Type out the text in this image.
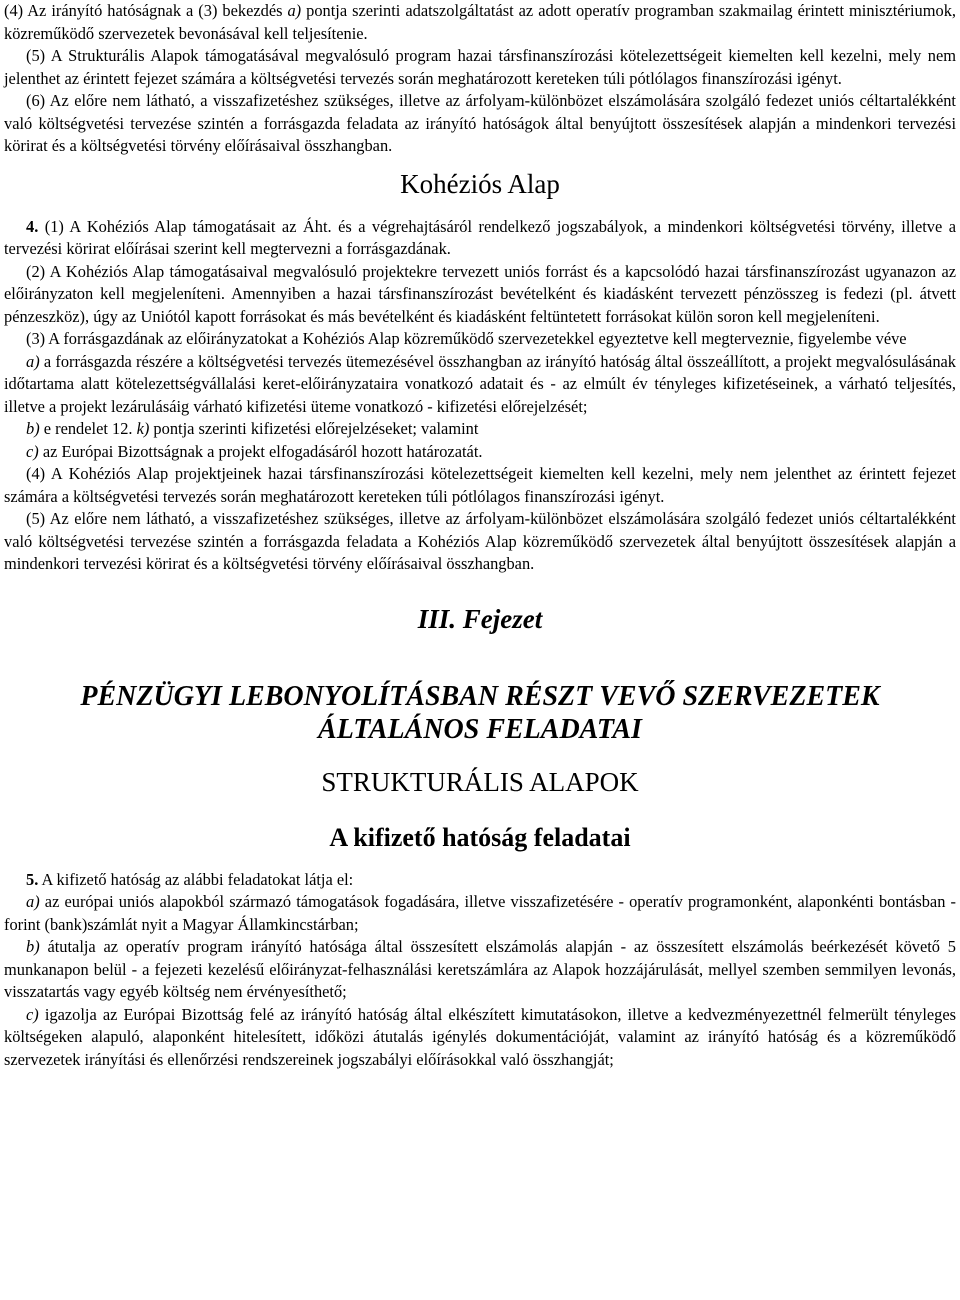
(4) Az irányító hatóságnak a (3) bekezdés a) pontja szerinti adatszolgáltatást az adott operatív programban szakmailag érintett minisztériumok, közreműködő szervezetek bevonásával kell teljesítenie.

(5) A Strukturális Alapok támogatásával megvalósuló program hazai társfinanszírozási kötelezettségeit kiemelten kell kezelni, mely nem jelenthet az érintett fejezet számára a költségvetési tervezés során meghatározott kereteken túli pótlólagos finanszírozási igényt.

(6) Az előre nem látható, a visszafizetéshez szükséges, illetve az árfolyam-különbözet elszámolására szolgáló fedezet uniós céltartalékként való költségvetési tervezése szintén a forrásgazda feladata az irányító hatóságok által benyújtott összesítések alapján a mindenkori tervezési körirat és a költségvetési törvény előírásaival összhangban.

Kohéziós Alap

4. (1) A Kohéziós Alap támogatásait az Áht. és a végrehajtásáról rendelkező jogszabályok, a mindenkori költségvetési törvény, illetve a tervezési körirat előírásai szerint kell megtervezni a forrásgazdának.

(2) A Kohéziós Alap támogatásaival megvalósuló projektekre tervezett uniós forrást és a kapcsolódó hazai társfinanszírozást ugyanazon az előirányzaton kell megjeleníteni. Amennyiben a hazai társfinanszírozást bevételként és kiadásként tervezett pénzösszeg is fedezi (pl. átvett pénzeszköz), úgy az Uniótól kapott forrásokat és más bevételként és kiadásként feltüntetett forrásokat külön soron kell megjeleníteni.

(3) A forrásgazdának az előirányzatokat a Kohéziós Alap közreműködő szervezetekkel egyeztetve kell megterveznie, figyelembe véve

a) a forrásgazda részére a költségvetési tervezés ütemezésével összhangban az irányító hatóság által összeállított, a projekt megvalósulásának időtartama alatt kötelezettségvállalási keret-előirányzataira vonatkozó adatait és - az elmúlt év tényleges kifizetéseinek, a várható teljesítés, illetve a projekt lezárulásáig várható kifizetési üteme vonatkozó - kifizetési előrejelzését;

b) e rendelet 12. k) pontja szerinti kifizetési előrejelzéseket; valamint

c) az Európai Bizottságnak a projekt elfogadásáról hozott határozatát.

(4) A Kohéziós Alap projektjeinek hazai társfinanszírozási kötelezettségeit kiemelten kell kezelni, mely nem jelenthet az érintett fejezet számára a költségvetési tervezés során meghatározott kereteken túli pótlólagos finanszírozási igényt.

(5) Az előre nem látható, a visszafizetéshez szükséges, illetve az árfolyam-különbözet elszámolására szolgáló fedezet uniós céltartalékként való költségvetési tervezése szintén a forrásgazda feladata a Kohéziós Alap közreműködő szervezetek által benyújtott összesítések alapján a mindenkori tervezési körirat és a költségvetési törvény előírásaival összhangban.

III. Fejezet
PÉNZÜGYI LEBONYOLÍTÁSBAN RÉSZT VEVŐ SZERVEZETEK
ÁLTALÁNOS FELADATAI
STRUKTURÁLIS ALAPOK
A kifizető hatóság feladatai

5. A kifizető hatóság az alábbi feladatokat látja el:

a) az európai uniós alapokból származó támogatások fogadására, illetve visszafizetésére - operatív programonként, alaponkénti bontásban - forint (bank)számlát nyit a Magyar Államkincstárban;

b) átutalja az operatív program irányító hatósága által összesített elszámolás alapján - az összesített elszámolás beérkezését követő 5 munkanapon belül - a fejezeti kezelésű előirányzat-felhasználási keretszámlára az Alapok hozzájárulását, mellyel szemben semmilyen levonás, visszatartás vagy egyéb költség nem érvényesíthető;

c) igazolja az Európai Bizottság felé az irányító hatóság által elkészített kimutatásokon, illetve a kedvezményezettnél felmerült tényleges költségeken alapuló, alaponként hitelesített, időközi átutalás igénylés dokumentációját, valamint az irányító hatóság és a közreműködő szervezetek irányítási és ellenőrzési rendszereinek jogszabályi előírásokkal való összhangját;
